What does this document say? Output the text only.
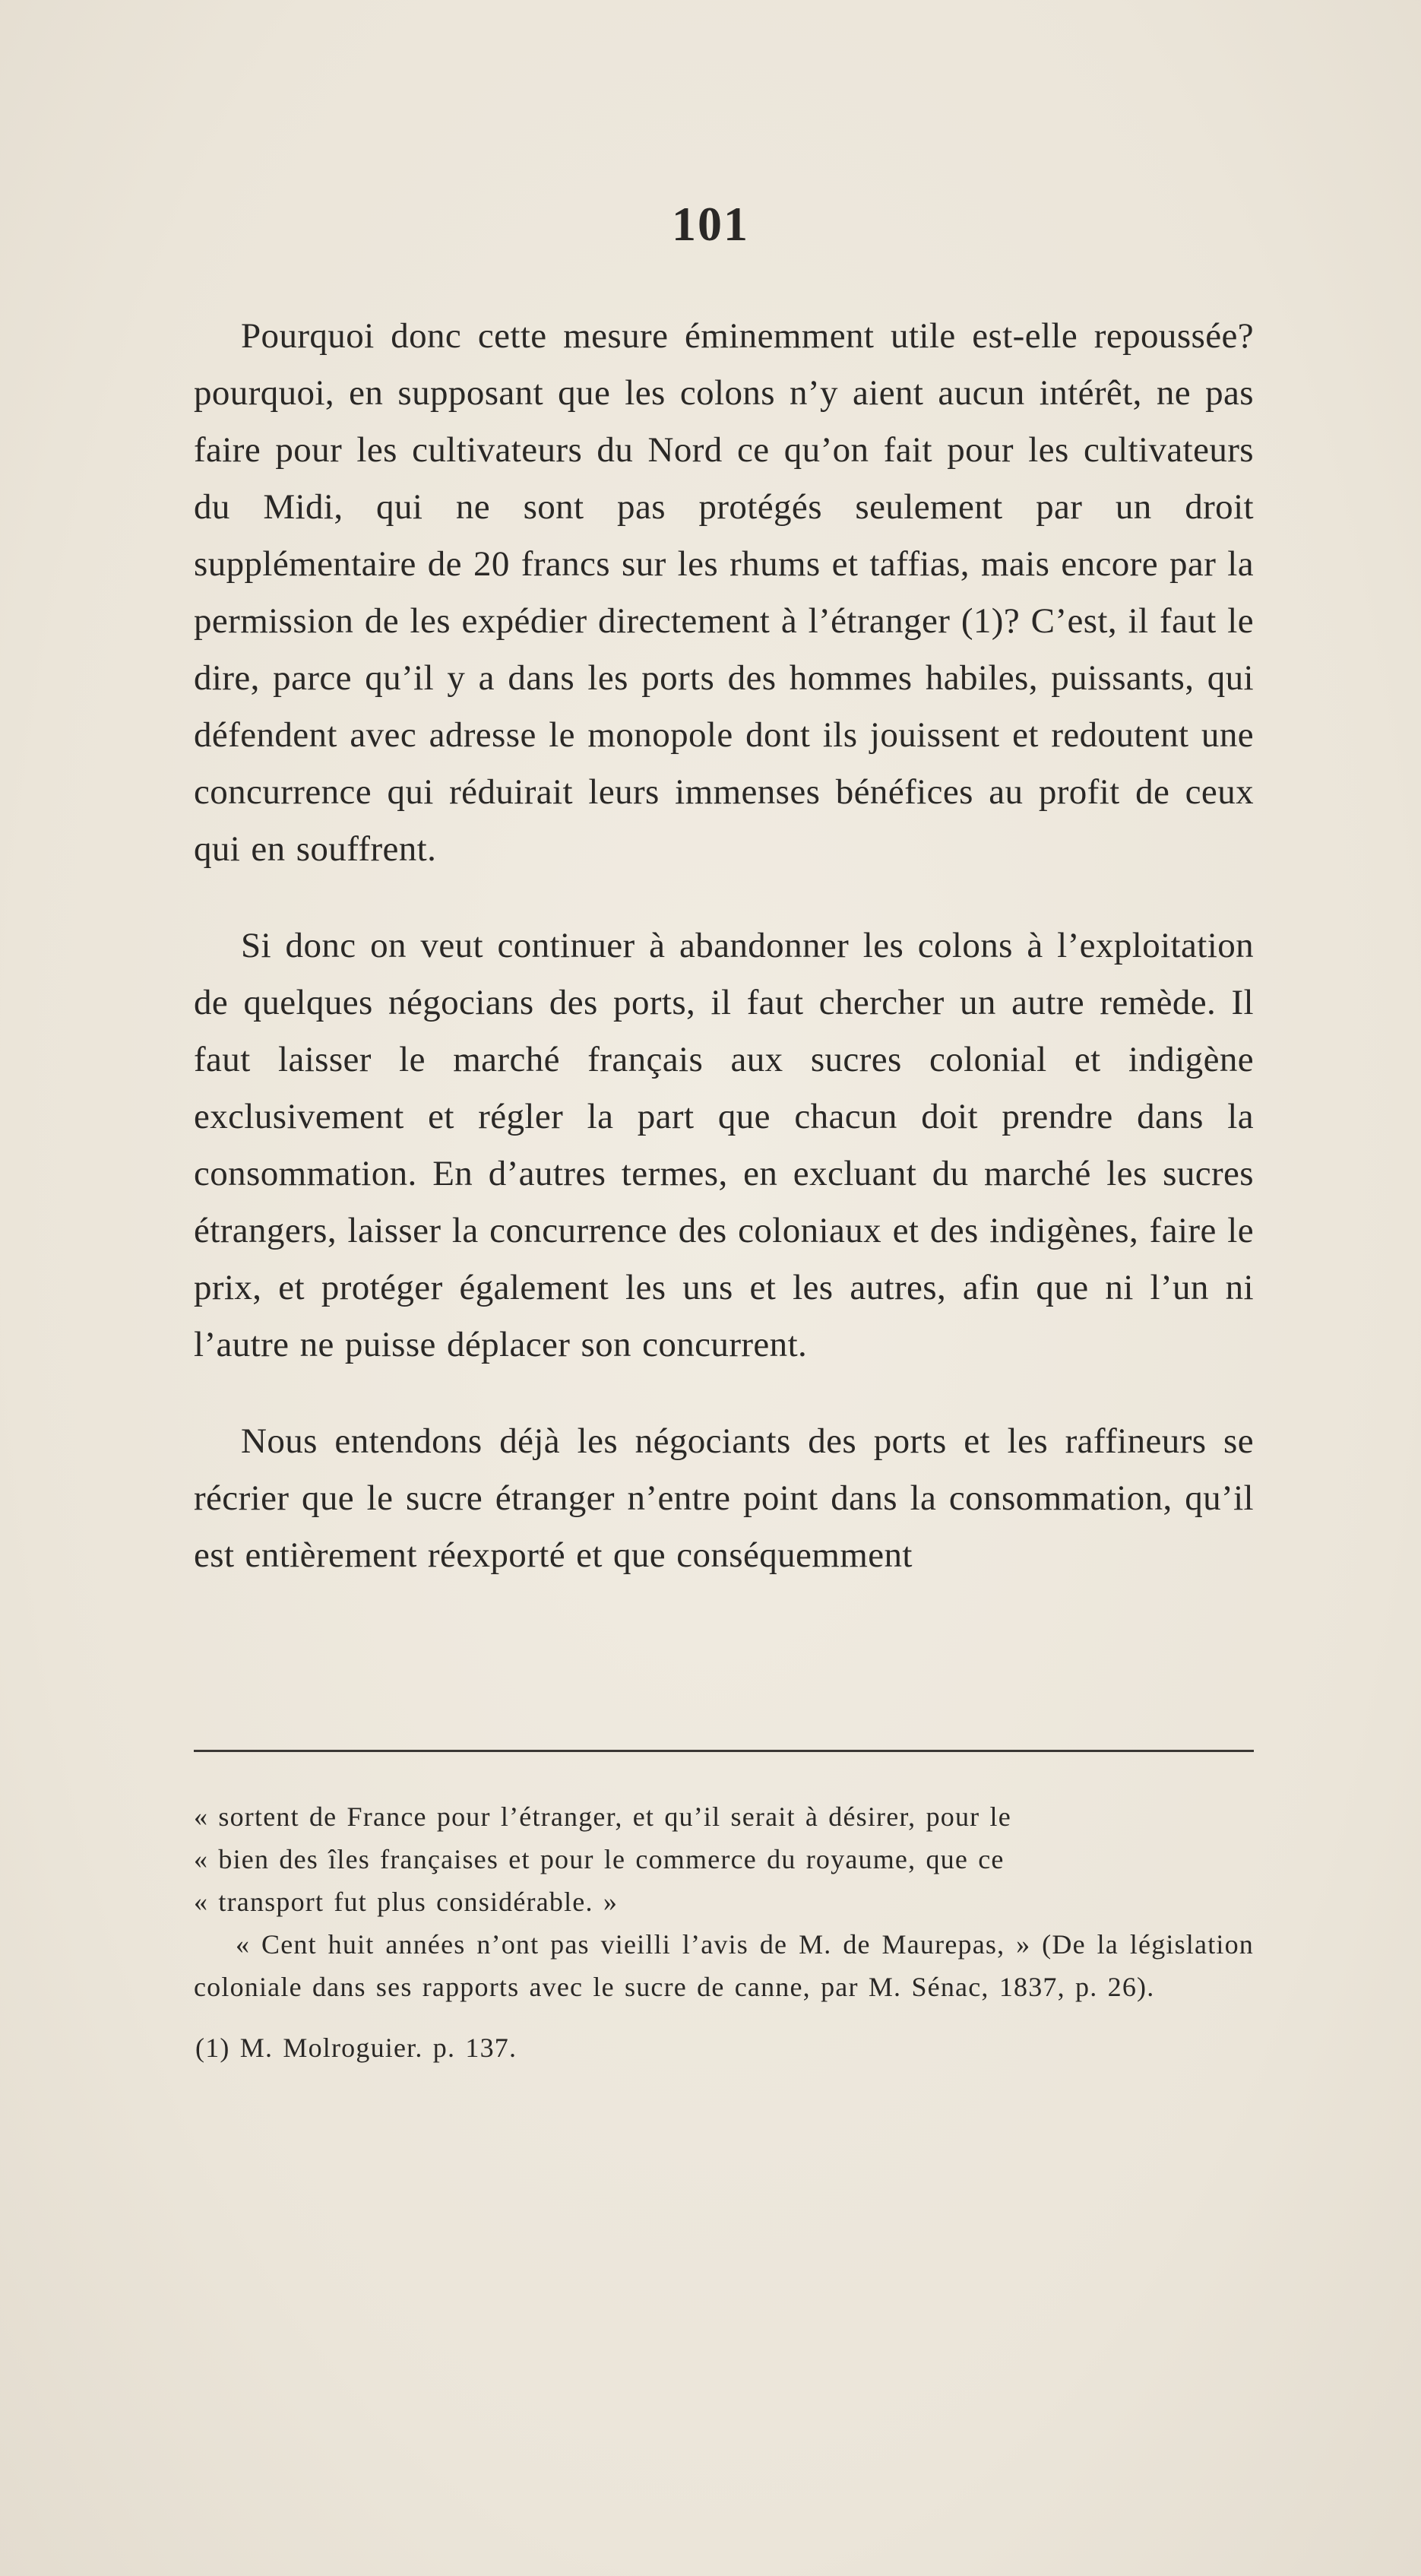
101

Pourquoi donc cette mesure éminemment utile est-elle repoussée? pourquoi, en supposant que les colons n’y aient aucun intérêt, ne pas faire pour les cultivateurs du Nord ce qu’on fait pour les cultivateurs du Midi, qui ne sont pas protégés seulement par un droit supplémentaire de 20 francs sur les rhums et taffias, mais encore par la permission de les expédier directement à l’étranger (1)? C’est, il faut le dire, parce qu’il y a dans les ports des hommes habiles, puissants, qui défendent avec adresse le monopole dont ils jouissent et redoutent une concurrence qui réduirait leurs immenses bénéfices au profit de ceux qui en souffrent.

Si donc on veut continuer à abandonner les colons à l’exploitation de quelques négocians des ports, il faut chercher un autre remède. Il faut laisser le marché français aux sucres colonial et indigène exclusivement et régler la part que chacun doit prendre dans la consommation. En d’autres termes, en excluant du marché les sucres étrangers, laisser la concurrence des coloniaux et des indigènes, faire le prix, et protéger également les uns et les autres, afin que ni l’un ni l’autre ne puisse déplacer son concurrent.

Nous entendons déjà les négociants des ports et les raffineurs se récrier que le sucre étranger n’entre point dans la consommation, qu’il est entièrement réexporté et que conséquemment

« sortent de France pour l’étranger, et qu’il serait à désirer, pour le

« bien des îles françaises et pour le commerce du royaume, que ce

« transport fut plus considérable. »

« Cent huit années n’ont pas vieilli l’avis de M. de Maurepas, » (De la législation coloniale dans ses rapports avec le sucre de canne, par M. Sénac, 1837, p. 26).

(1) M. Molroguier. p. 137.
